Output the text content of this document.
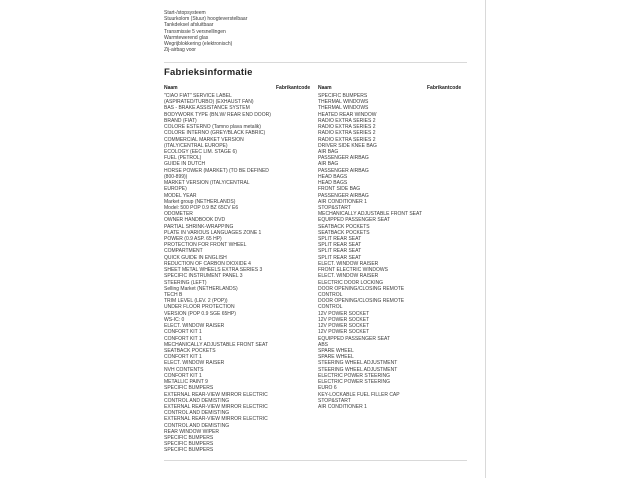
Start-/stopsysteem
Stuurkolom (Stuur) hoogteverstelbaar
Tankdeksel afsluitbaar
Transmissie 5 versnellingen
Warmtewerend glas
Wegrijblokkering (elektronisch)
Zij-airbag voor
Fabrieksinformatie
Naam	Fabrikantcode Naam	Fabrikantcode
"CIAO FIAT" SERVICE LABEL
(ASPIRATED/TURBO) (EXHAUST FAN)
BAS - BRAKE ASSISTANCE SYSTEM
BODYWORK TYPE (BN.W/ REAR END DOOR)
BRAND (FIAT)
COLORE ESTERNO (Tamno plava metalik)
COLORE INTERNO (GREY/BLACK FABRIC)
COMMERCIAL MARKET VERSION
(ITALY/CENTRAL EUROPE)
ECOLOGY (EEC LIM. STAGE 6)
FUEL (PETROL)
GUIDE IN DUTCH
HORSE POWER (MARKET) (TO BE DEFINED
(800-899))
MARKET VERSION (ITALY/CENTRAL
EUROPE)
MODEL YEAR
Market group (NETHERLANDS)
Model: 500 POP 0.9 BZ 65CV E6
ODOMETER
OWNER HANDBOOK DVD
PARTIAL SHRINK-WRAPPING
PLATE IN VARIOUS LANGUAGES ZONE 1
POWER (0.9 ASP. 65 HP)
PROTECTION FOR FRONT WHEEL
COMPARTMENT
QUICK GUIDE IN ENGLISH
REDUCTION OF CARBON DIOXIDE 4
SHEET METAL WHEELS EXTRA SERIES 3
SPECIFIC INSTRUMENT PANEL 3
STEERING (LEFT)
Selling Market (NETHERLANDS)
TECH B
TRIM LEVEL (LEV. 2 (POP))
UNDER FLOOR PROTECTION
VERSION (POP 0.9 SGE 65HP)
WS-IC: 0
ELECT. WINDOW RAISER
CONFORT KIT 1
CONFORT KIT 1
MECHANICALLY ADJUSTABLE FRONT SEAT
SEATBACK POCKETS
CONFORT KIT 1
ELECT. WINDOW RAISER
NVH CONTENTS
CONFORT KIT 1
METALLIC PAINT 9
SPECIFIC BUMPERS
EXTERNAL REAR-VIEW MIRROR ELECTRIC
CONTROL AND DEMISTING
EXTERNAL REAR-VIEW MIRROR ELECTRIC
CONTROL AND DEMISTING
EXTERNAL REAR-VIEW MIRROR ELECTRIC
CONTROL AND DEMISTING
REAR WINDOW WIPER
SPECIFIC BUMPERS
SPECIFIC BUMPERS
SPECIFIC BUMPERS
SPECIFIC BUMPERS
THERMAL WINDOWS
THERMAL WINDOWS
HEATED REAR WINDOW
RADIO EXTRA SERIES 2
RADIO EXTRA SERIES 2
RADIO EXTRA SERIES 2
RADIO EXTRA SERIES 2
DRIVER SIDE KNEE BAG
AIR BAG
PASSENGER AIRBAG
AIR BAG
PASSENGER AIRBAG
HEAD BAGS
HEAD BAGS
FRONT SIDE BAG
PASSENGER AIRBAG
AIR CONDITIONER 1
STOP&START
MECHANICALLY ADJUSTABLE FRONT SEAT
EQUIPPED PASSENGER SEAT
SEATBACK POCKETS
SEATBACK POCKETS
SPLIT REAR SEAT
SPLIT REAR SEAT
SPLIT REAR SEAT
SPLIT REAR SEAT
ELECT. WINDOW RAISER
FRONT ELECTRIC WINDOWS
ELECT. WINDOW RAISER
ELECTRIC DOOR LOCKING
DOOR OPENING/CLOSING REMOTE
CONTROL
DOOR OPENING/CLOSING REMOTE
CONTROL
12V POWER SOCKET
12V POWER SOCKET
12V POWER SOCKET
12V POWER SOCKET
EQUIPPED PASSENGER SEAT
ABS
SPARE WHEEL
SPARE WHEEL
STEERING WHEEL ADJUSTMENT
STEERING WHEEL ADJUSTMENT
ELECTRIC POWER STEERING
ELECTRIC POWER STEERING
EURO 6
KEY-LOCKABLE FUEL FILLER CAP
STOP&START
AIR CONDITIONER 1
